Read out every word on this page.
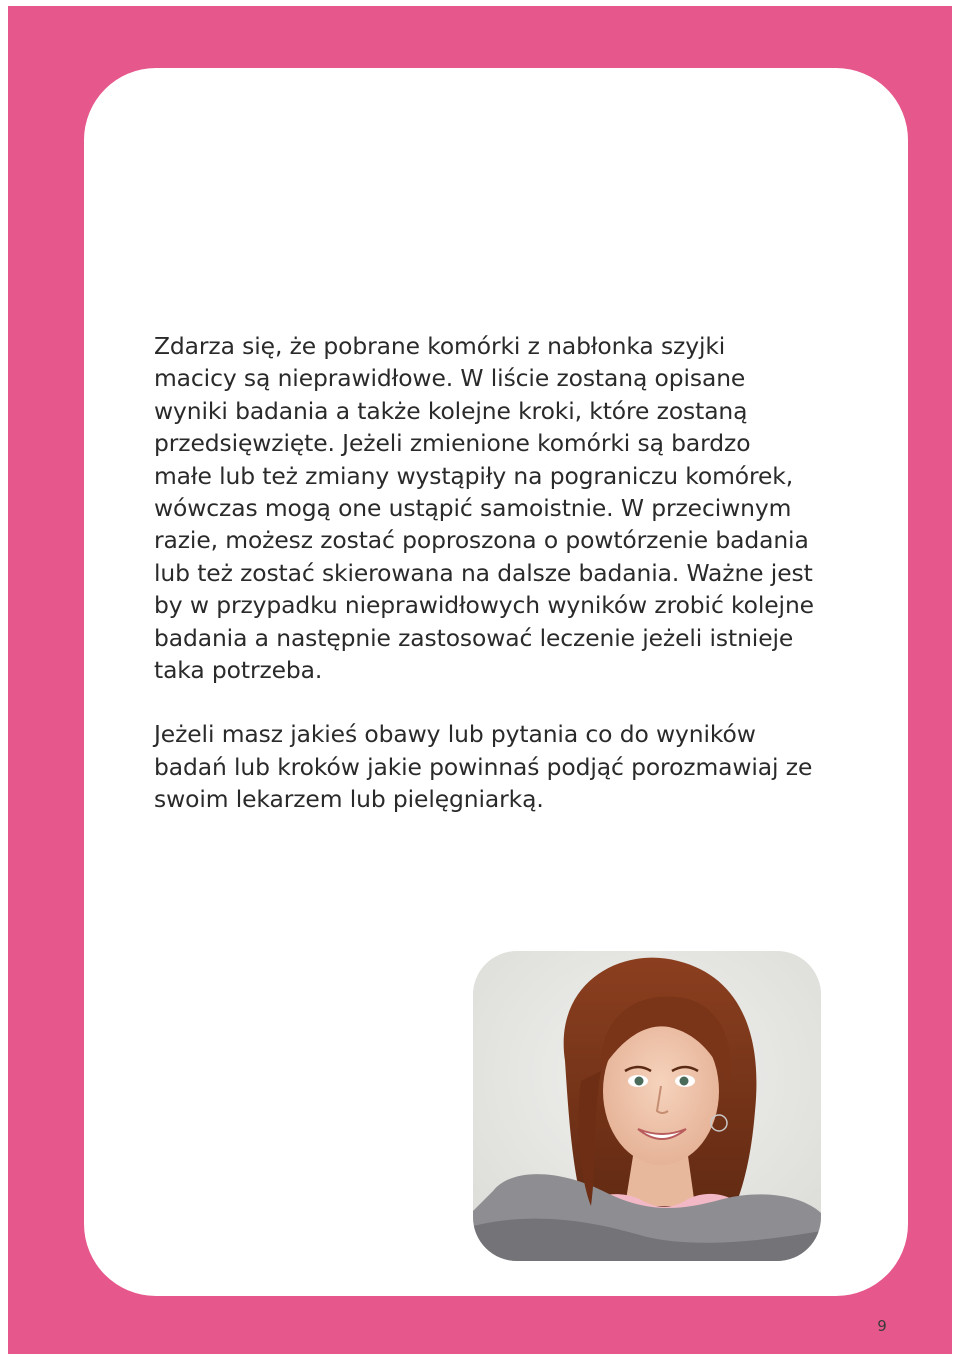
Zdarza się, że pobrane komórki z nabłonka szyjki macicy są nieprawidłowe. W liście zostaną opisane wyniki badania a także kolejne kroki, które zostaną przedsięwzięte. Jeżeli zmienione komórki są bardzo małe lub też zmiany wystąpiły na pograniczu komórek, wówczas mogą one ustąpić samoistnie. W przeciwnym razie, możesz zostać poproszona o powtórzenie badania lub też zostać skierowana na dalsze badania. Ważne jest by w przypadku nieprawidłowych wyników zrobić kolejne badania a następnie zastosować leczenie jeżeli istnieje taka potrzeba.

Jeżeli masz jakieś obawy lub pytania co do wyników badań lub kroków jakie powinnaś podjąć porozmawiaj ze swoim lekarzem lub pielęgniarką.

9
